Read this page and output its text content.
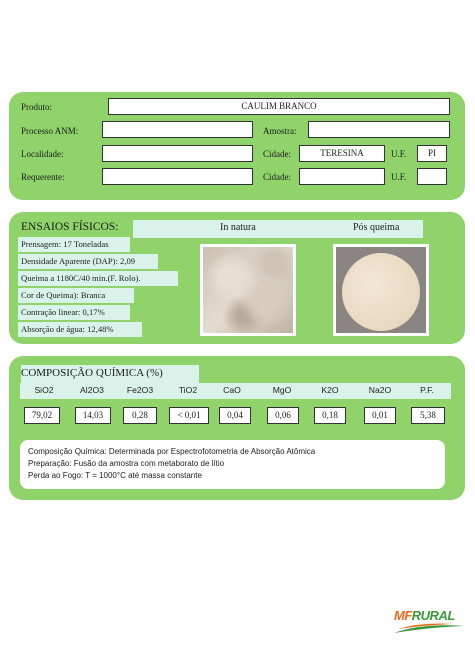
Produto:	CAULIM BRANCO
Processo ANM:	Amostra:
Localidade:	Cidade:	TERESINA	U.F.	PI
Requerente:	Cidade:	U.F.
ENSAIOS FÍSICOS:	In natura	Pós queima
Prensagem: 17 Toneladas
Densidade Aparente (DAP): 2,09
Queima a 1180C/40 min.(F. Rolo).
Cor de Queima): Branca
Contração linear: 0,17%
Absorção de água: 12,48%
COMPOSIÇÃO QUÍMICA (%)
SiO2	Al2O3	Fe2O3	TiO2	CaO	MgO	K2O	Na2O	P.F.
79,02	14,03	0,28	< 0,01	0,04	0,06	0,18	0,01	5,38
Composição Química: Determinada por Espectrofotometria de Absorção Atômica
Preparação: Fusão da amostra com metaborato de lítio
Perda ao Fogo: T = 1000°C até massa constante
MFRURAL
